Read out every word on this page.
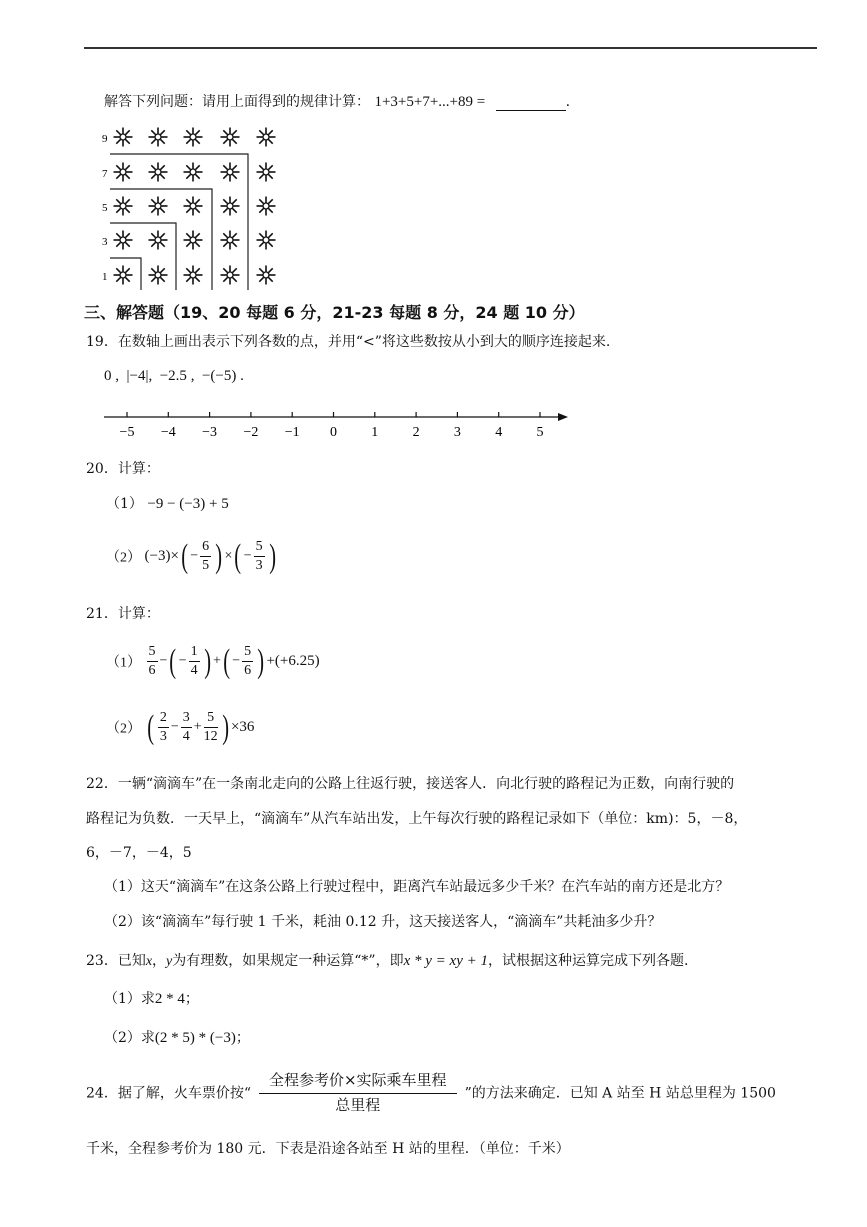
解答下列问题：请用上面得到的规律计算： 1+3+5+7+...+89 =	.
9
7
5
3
1
三、解答题（19、20 每题 6 分，21-23 每题 8 分，24 题 10 分）
19．在数轴上画出表示下列各数的点，并用“<”将这些数按从小到大的顺序连接起来.
0 ,  |−4|,  −2.5 ,  −(−5) .
−5 −4 −3 −2 −1 0 1 2 3 4 5
20．计算：
（1） −9 − (−3) + 5
（2） $(-3)\times( - \frac{6}{5}$ ) ×( − $\frac{5}{3}$ )
21．计算：
$(1) \frac{5}{6}$ −( − $\frac{1}{4}$ ) +( − $\frac{5}{6}$ ) +(+6.25)
（2） ( $\frac{2}{3} - \frac{3}{4} + \frac{5}{12}$ ) ×36
22．一辆“滴滴车”在一条南北走向的公路上往返行驶，接送客人．向北行驶的路程记为正数，向南行驶的
路程记为负数．一天早上，“滴滴车”从汽车站出发，上午每次行驶的路程记录如下（单位：km)：5，－8，
6，－7，－4，5
（1）这天“滴滴车”在这条公路上行驶过程中，距离汽车站最远多少千米？在汽车站的南方还是北方？
（2）该“滴滴车”每行驶 1 千米，耗油 0.12 升，这天接送客人，“滴滴车”共耗油多少升？
23．已知x，y为有理数，如果规定一种运算“*”，即x * y = xy + 1，试根据这种运算完成下列各题.
（1）求2 * 4；
（2）求(2 * 5) * (−3)；
24．据了解，火车票价按“ $\frac{\text{全程参考价×实际乘车里程}}{\text{总里程}}$ ”的方法来确定．已知 A 站至 H 站总里程为 1500
千米，全程参考价为 180 元．下表是沿途各站至 H 站的里程．（单位：千米）
